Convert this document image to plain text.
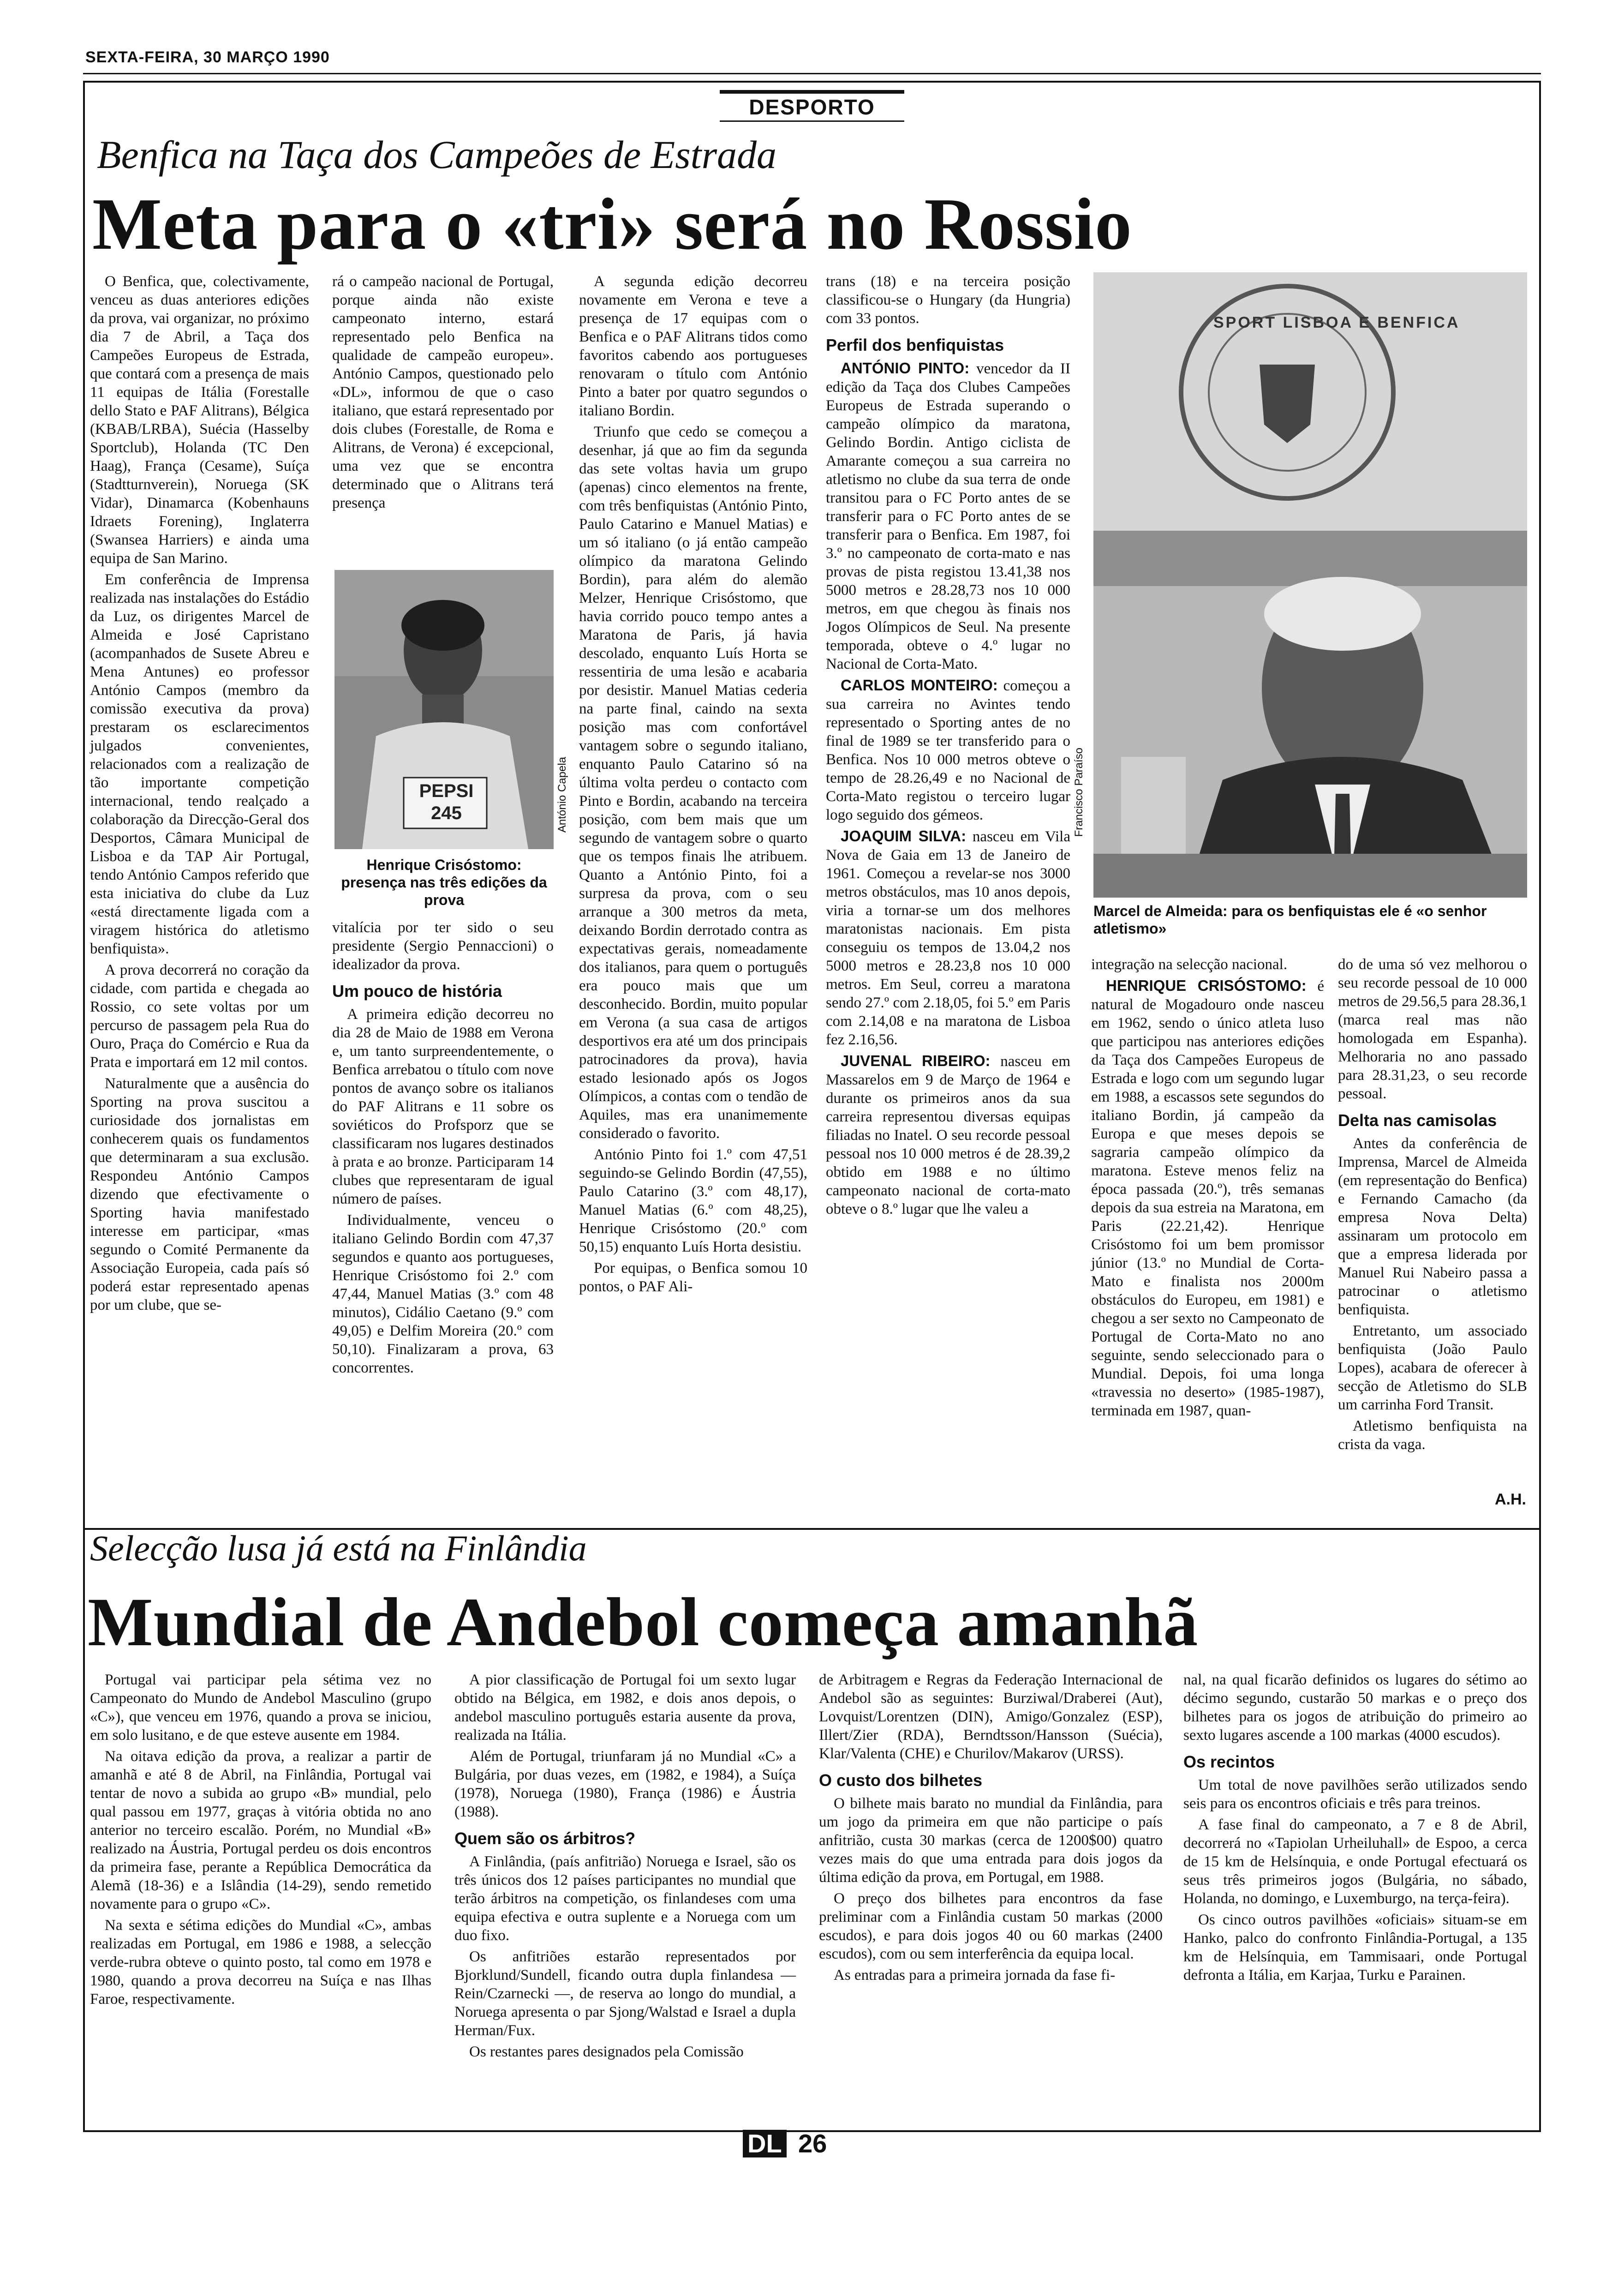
SEXTA-FEIRA, 30 MARÇO 1990
DESPORTO
Benfica na Taça dos Campeões de Estrada
Meta para o «tri» será no Rossio

O Benfica, que, colectivamente, venceu as duas anteriores edições da prova, vai organizar, no próximo dia 7 de Abril, a Taça dos Campeões Europeus de Estrada, que contará com a presença de mais 11 equipas de Itália (Forestalle dello Stato e PAF Alitrans), Bélgica (KBAB/LRBA), Suécia (Hasselby Sportclub), Holanda (TC Den Haag), França (Cesame), Suíça (Stadtturnverein), Noruega (SK Vidar), Dinamarca (Kobenhauns Idraets Forening), Inglaterra (Swansea Harriers) e ainda uma equipa de San Marino.

Em conferência de Imprensa realizada nas instalações do Estádio da Luz, os dirigentes Marcel de Almeida e José Capristano (acompanhados de Susete Abreu e Mena Antunes) eo professor António Campos (membro da comissão executiva da prova) prestaram os esclarecimentos julgados convenientes, relacionados com a realização de tão importante competição internacional, tendo realçado a colaboração da Direcção-Geral dos Desportos, Câmara Municipal de Lisboa e da TAP Air Portugal, tendo António Campos referido que esta iniciativa do clube da Luz «está directamente ligada com a viragem histórica do atletismo benfiquista».

A prova decorrerá no coração da cidade, com partida e chegada ao Rossio, co sete voltas por um percurso de passagem pela Rua do Ouro, Praça do Comércio e Rua da Prata e importará em 12 mil contos.

Naturalmente que a ausência do Sporting na prova suscitou a curiosidade dos jornalistas em conhecerem quais os fundamentos que determinaram a sua exclusão. Respondeu António Campos dizendo que efectivamente o Sporting havia manifestado interesse em participar, «mas segundo o Comité Permanente da Associação Europeia, cada país só poderá estar representado apenas por um clube, que se-

rá o campeão nacional de Portugal, porque ainda não existe campeonato interno, estará representado pelo Benfica na qualidade de campeão europeu». António Campos, questionado pelo «DL», informou de que o caso italiano, que estará representado por dois clubes (Forestalle, de Roma e Alitrans, de Verona) é excepcional, uma vez que se encontra determinado que o Alitrans terá presença

PEPSI 245	António Capela
Henrique Crisóstomo: presença nas três edições da prova

vitalícia por ter sido o seu presidente (Sergio Pennaccioni) o idealizador da prova.

Um pouco de história

A primeira edição decorreu no dia 28 de Maio de 1988 em Verona e, um tanto surpreendentemente, o Benfica arrebatou o título com nove pontos de avanço sobre os italianos do PAF Alitrans e 11 sobre os soviéticos do Profsporz que se classificaram nos lugares destinados à prata e ao bronze. Participaram 14 clubes que representaram de igual número de países.

Individualmente, venceu o italiano Gelindo Bordin com 47,37 segundos e quanto aos portugueses, Henrique Crisóstomo foi 2.º com 47,44, Manuel Matias (3.º com 48 minutos), Cidálio Caetano (9.º com 49,05) e Delfim Moreira (20.º com 50,10). Finalizaram a prova, 63 concorrentes.

A segunda edição decorreu novamente em Verona e teve a presença de 17 equipas com o Benfica e o PAF Alitrans tidos como favoritos cabendo aos portugueses renovaram o título com António Pinto a bater por quatro segundos o italiano Bordin.

Triunfo que cedo se começou a desenhar, já que ao fim da segunda das sete voltas havia um grupo (apenas) cinco elementos na frente, com três benfiquistas (António Pinto, Paulo Catarino e Manuel Matias) e um só italiano (o já então campeão olímpico da maratona Gelindo Bordin), para além do alemão Melzer, Henrique Crisóstomo, que havia corrido pouco tempo antes a Maratona de Paris, já havia descolado, enquanto Luís Horta se ressentiria de uma lesão e acabaria por desistir. Manuel Matias cederia na parte final, caindo na sexta posição mas com confortável vantagem sobre o segundo italiano, enquanto Paulo Catarino só na última volta perdeu o contacto com Pinto e Bordin, acabando na terceira posição, com bem mais que um segundo de vantagem sobre o quarto que os tempos finais lhe atribuem. Quanto a António Pinto, foi a surpresa da prova, com o seu arranque a 300 metros da meta, deixando Bordin derrotado contra as expectativas gerais, nomeadamente dos italianos, para quem o português era pouco mais que um desconhecido. Bordin, muito popular em Verona (a sua casa de artigos desportivos era até um dos principais patrocinadores da prova), havia estado lesionado após os Jogos Olímpicos, a contas com o tendão de Aquiles, mas era unanimemente considerado o favorito.

António Pinto foi 1.º com 47,51 seguindo-se Gelindo Bordin (47,55), Paulo Catarino (3.º com 48,17), Manuel Matias (6.º com 48,25), Henrique Crisóstomo (20.º com 50,15) enquanto Luís Horta desistiu.

Por equipas, o Benfica somou 10 pontos, o PAF Ali-

trans (18) e na terceira posição classificou-se o Hungary (da Hungria) com 33 pontos.

Perfil dos benfiquistas

ANTÓNIO PINTO: vencedor da II edição da Taça dos Clubes Campeões Europeus de Estrada superando o campeão olímpico da maratona, Gelindo Bordin. Antigo ciclista de Amarante começou a sua carreira no atletismo no clube da sua terra de onde transitou para o FC Porto antes de se transferir para o FC Porto antes de se transferir para o Benfica. Em 1987, foi 3.º no campeonato de corta-mato e nas provas de pista registou 13.41,38 nos 5000 metros e 28.28,73 nos 10 000 metros, em que chegou às finais nos Jogos Olímpicos de Seul. Na presente temporada, obteve o 4.º lugar no Nacional de Corta-Mato.

CARLOS MONTEIRO: começou a sua carreira no Avintes tendo representado o Sporting antes de no final de 1989 se ter transferido para o Benfica. Nos 10 000 metros obteve o tempo de 28.26,49 e no Nacional de Corta-Mato registou o terceiro lugar logo seguido dos gémeos.

JOAQUIM SILVA: nasceu em Vila Nova de Gaia em 13 de Janeiro de 1961. Começou a revelar-se nos 3000 metros obstáculos, mas 10 anos depois, viria a tornar-se um dos melhores maratonistas nacionais. Em pista conseguiu os tempos de 13.04,2 nos 5000 metros e 28.23,8 nos 10 000 metros. Em Seul, correu a maratona sendo 27.º com 2.18,05, foi 5.º em Paris com 2.14,08 e na maratona de Lisboa fez 2.16,56.

JUVENAL RIBEIRO: nasceu em Massarelos em 9 de Março de 1964 e durante os primeiros anos da sua carreira representou diversas equipas filiadas no Inatel. O seu recorde pessoal pessoal nos 10 000 metros é de 28.39,2 obtido em 1988 e no último campeonato nacional de corta-mato obteve o 8.º lugar que lhe valeu a

SPORT LISBOA E BENFICA
Francisco Paraíso
Marcel de Almeida: para os benfiquistas ele é «o senhor atletismo»

integração na selecção nacional.

HENRIQUE CRISÓSTOMO: é natural de Mogadouro onde nasceu em 1962, sendo o único atleta luso que participou nas anteriores edições da Taça dos Campeões Europeus de Estrada e logo com um segundo lugar em 1988, a escassos sete segundos do italiano Bordin, já campeão da Europa e que meses depois se sagraria campeão olímpico da maratona. Esteve menos feliz na época passada (20.º), três semanas depois da sua estreia na Maratona, em Paris (22.21,42). Henrique Crisóstomo foi um bem promissor júnior (13.º no Mundial de Corta-Mato e finalista nos 2000m obstáculos do Europeu, em 1981) e chegou a ser sexto no Campeonato de Portugal de Corta-Mato no ano seguinte, sendo seleccionado para o Mundial. Depois, foi uma longa «travessia no deserto» (1985-1987), terminada em 1987, quan-

do de uma só vez melhorou o seu recorde pessoal de 10 000 metros de 29.56,5 para 28.36,1 (marca real mas não homologada em Espanha). Melhoraria no ano passado para 28.31,23, o seu recorde pessoal.

Delta nas camisolas

Antes da conferência de Imprensa, Marcel de Almeida (em representação do Benfica) e Fernando Camacho (da empresa Nova Delta) assinaram um protocolo em que a empresa liderada por Manuel Rui Nabeiro passa a patrocinar o atletismo benfiquista.

Entretanto, um associado benfiquista (João Paulo Lopes), acabara de oferecer à secção de Atletismo do SLB um carrinha Ford Transit.

Atletismo benfiquista na crista da vaga.

A.H.
Selecção lusa já está na Finlândia
Mundial de Andebol começa amanhã

Portugal vai participar pela sétima vez no Campeonato do Mundo de Andebol Masculino (grupo «C»), que venceu em 1976, quando a prova se iniciou, em solo lusitano, e de que esteve ausente em 1984.

Na oitava edição da prova, a realizar a partir de amanhã e até 8 de Abril, na Finlândia, Portugal vai tentar de novo a subida ao grupo «B» mundial, pelo qual passou em 1977, graças à vitória obtida no ano anterior no terceiro escalão. Porém, no Mundial «B» realizado na Áustria, Portugal perdeu os dois encontros da primeira fase, perante a República Democrática da Alemã (18-36) e a Islândia (14-29), sendo remetido novamente para o grupo «C».

Na sexta e sétima edições do Mundial «C», ambas realizadas em Portugal, em 1986 e 1988, a selecção verde-rubra obteve o quinto posto, tal como em 1978 e 1980, quando a prova decorreu na Suíça e nas Ilhas Faroe, respectivamente.

A pior classificação de Portugal foi um sexto lugar obtido na Bélgica, em 1982, e dois anos depois, o andebol masculino português estaria ausente da prova, realizada na Itália.

Além de Portugal, triunfaram já no Mundial «C» a Bulgária, por duas vezes, em (1982, e 1984), a Suíça (1978), Noruega (1980), França (1986) e Áustria (1988).

Quem são os árbitros?

A Finlândia, (país anfitrião) Noruega e Israel, são os três únicos dos 12 países participantes no mundial que terão árbitros na competição, os finlandeses com uma equipa efectiva e outra suplente e a Noruega com um duo fixo.

Os anfitriões estarão representados por Bjorklund/Sundell, ficando outra dupla finlandesa — Rein/Czarnecki —, de reserva ao longo do mundial, a Noruega apresenta o par Sjong/Walstad e Israel a dupla Herman/Fux.

Os restantes pares designados pela Comissão

de Arbitragem e Regras da Federação Internacional de Andebol são as seguintes: Burziwal/Draberei (Aut), Lovquist/Lorentzen (DIN), Amigo/Gonzalez (ESP), Illert/Zier (RDA), Berndtsson/Hansson (Suécia), Klar/Valenta (CHE) e Churilov/Makarov (URSS).

O custo dos bilhetes

O bilhete mais barato no mundial da Finlândia, para um jogo da primeira em que não participe o país anfitrião, custa 30 markas (cerca de 1200$00) quatro vezes mais do que uma entrada para dois jogos da última edição da prova, em Portugal, em 1988.

O preço dos bilhetes para encontros da fase preliminar com a Finlândia custam 50 markas (2000 escudos), e para dois jogos 40 ou 60 markas (2400 escudos), com ou sem interferência da equipa local.

As entradas para a primeira jornada da fase fi-

nal, na qual ficarão definidos os lugares do sétimo ao décimo segundo, custarão 50 markas e o preço dos bilhetes para os jogos de atribuição do primeiro ao sexto lugares ascende a 100 markas (4000 escudos).

Os recintos

Um total de nove pavilhões serão utilizados sendo seis para os encontros oficiais e três para treinos.

A fase final do campeonato, a 7 e 8 de Abril, decorrerá no «Tapiolan Urheiluhall» de Espoo, a cerca de 15 km de Helsínquia, e onde Portugal efectuará os seus três primeiros jogos (Bulgária, no sábado, Holanda, no domingo, e Luxemburgo, na terça-feira).

Os cinco outros pavilhões «oficiais» situam-se em Hanko, palco do confronto Finlândia-Portugal, a 135 km de Helsínquia, em Tammisaari, onde Portugal defronta a Itália, em Karjaa, Turku e Parainen.

DL 26
